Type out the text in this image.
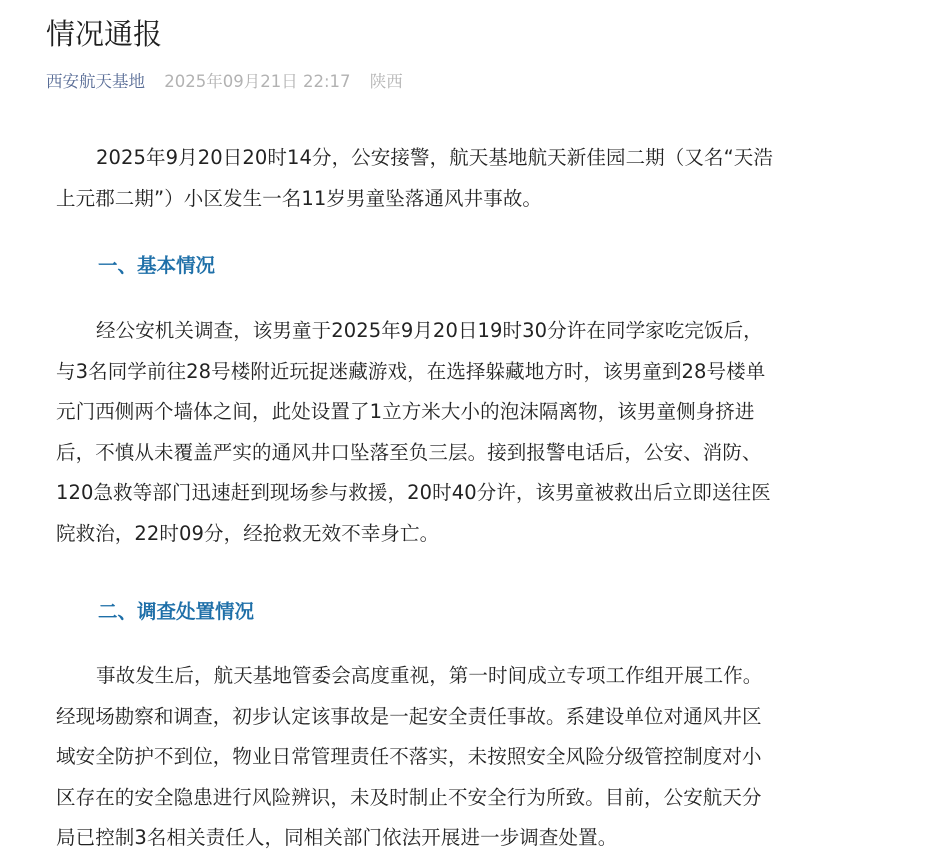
情况通报
西安航天基地 2025年09月21日 22:17 陕西
2025年9月20日20时14分，公安接警，航天基地航天新佳园二期（又名“天浩
上元郡二期”）小区发生一名11岁男童坠落通风井事故。
一、基本情况
经公安机关调查，该男童于2025年9月20日19时30分许在同学家吃完饭后，
与3名同学前往28号楼附近玩捉迷藏游戏，在选择躲藏地方时，该男童到28号楼单
元门西侧两个墙体之间，此处设置了1立方米大小的泡沫隔离物，该男童侧身挤进
后，不慎从未覆盖严实的通风井口坠落至负三层。接到报警电话后，公安、消防、
120急救等部门迅速赶到现场参与救援，20时40分许，该男童被救出后立即送往医
院救治，22时09分，经抢救无效不幸身亡。
二、调查处置情况
事故发生后，航天基地管委会高度重视，第一时间成立专项工作组开展工作。
经现场勘察和调查，初步认定该事故是一起安全责任事故。系建设单位对通风井区
域安全防护不到位，物业日常管理责任不落实，未按照安全风险分级管控制度对小
区存在的安全隐患进行风险辨识，未及时制止不安全行为所致。目前，公安航天分
局已控制3名相关责任人，同相关部门依法开展进一步调查处置。
